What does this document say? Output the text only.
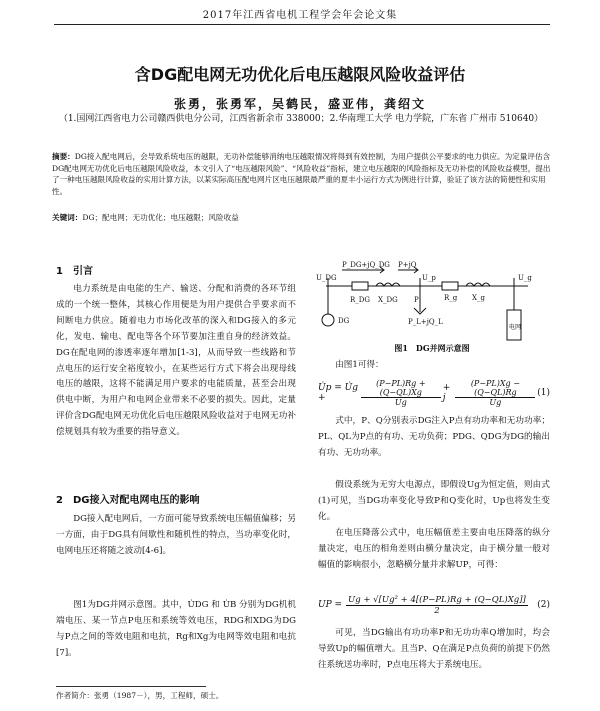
2017年江西省电机工程学会年会论文集
含DG配电网无功优化后电压越限风险收益评估
张勇，张勇军，吴鹤民，盛亚伟，龚绍文
（1.国网江西省电力公司赣西供电分公司，江西省新余市 338000；2.华南理工大学 电力学院，广东省 广州市 510640）
摘要：DG接入配电网后，会导致系统电压的越限，无功补偿能够消纳电压越限情况将得到有效控制，为用户提供公平要求的电力供应。为定量评估含DG配电网无功优化后电压越限风险收益，本文引入了“电压越限风险”、“风险收益”指标，建立电压越限的风险指标及无功补偿的风险收益模型，提出了一种电压越限风险收益的实用计算方法，以某实际高压配电网片区电压越限最严重的夏丰小运行方式为例进行计算，验证了该方法的简便性和实用性。
关键词：DG；配电网；无功优化；电压越限；风险收益
1　引言
电力系统是由电能的生产、输送、分配和消费的各环节组成的一个统一整体，其核心作用便是为用户提供合乎要求而不间断电力供应。随着电力市场化改革的深入和DG接入的多元化，发电、输电、配电等各个环节要加注重自身的经济效益。DG在配电网的渗透率逐年增加[1-3]，从而导致一些线路和节点电压的运行安全裕度较小，在某些运行方式下将会出现母线电压的越限，这将不能满足用户要求的电能质量，甚至会出现供电中断，为用户和电网企业带来不必要的损失。因此，定量评价含DG配电网无功优化后电压越限风险收益对于电网无功补偿规划具有较为重要的指导意义。
2　DG接入对配电网电压的影响
DG接入配电网后，一方面可能导致系统电压幅值偏移；另一方面，由于DG具有间歇性和随机性的特点，当功率变化时，电网电压还将随之波动[4-6]。
图1为DG并网示意图。其中，U̇DG 和 U̇B 分别为DG机机端电压、某一节点P电压和系统等效电压，RDG和XDG为DG与P点之间的等效电阻和电抗，Rg和Xg为电网等效电阻和电抗[7]。
P_DG+jQ_DG P+jQ
U_DG	U_p	U_g
R_DG X_DG P	R_g X_g
P_L+jQ_L
DG
电网
图1　DG并网示意图
由图1可得：
U̇p = U̇g +	$\frac{(P-PL)Rg + (Q-QL)Xg}{Ug} + j$	$\frac{(P-PL)Xg - (Q-QL)Rg}{Ug} (1)$
式中，P、Q分别表示DG注入P点有功功率和无功功率；PL、QL为P点的有功、无功负荷；PDG、QDG为DG的输出有功、无功功率。
假设系统为无穷大电源点，即假设Ug为恒定值，则由式(1)可见，当DG功率变化导致P和Q变化时，Up也将发生变化。
在电压降落公式中，电压幅值差主要由电压降落的纵分量决定，电压的相角差则由横分量决定，由于横分量一般对幅值的影响很小，忽略横分量并求解UP，可得：
UP = $\frac{\text{Ug + √[Ug² + 4[(P−PL)Rg + (Q−QL)Xg]]}}{2} (2)$
可见，当DG输出有功功率P和无功功率Q增加时，均会导致Up的幅值增大。且当P、Q在满足P点负荷的前提下仍然往系统送功率时，P点电压将大于系统电压。
作者简介：张勇（1987－），男，工程师，硕士。
